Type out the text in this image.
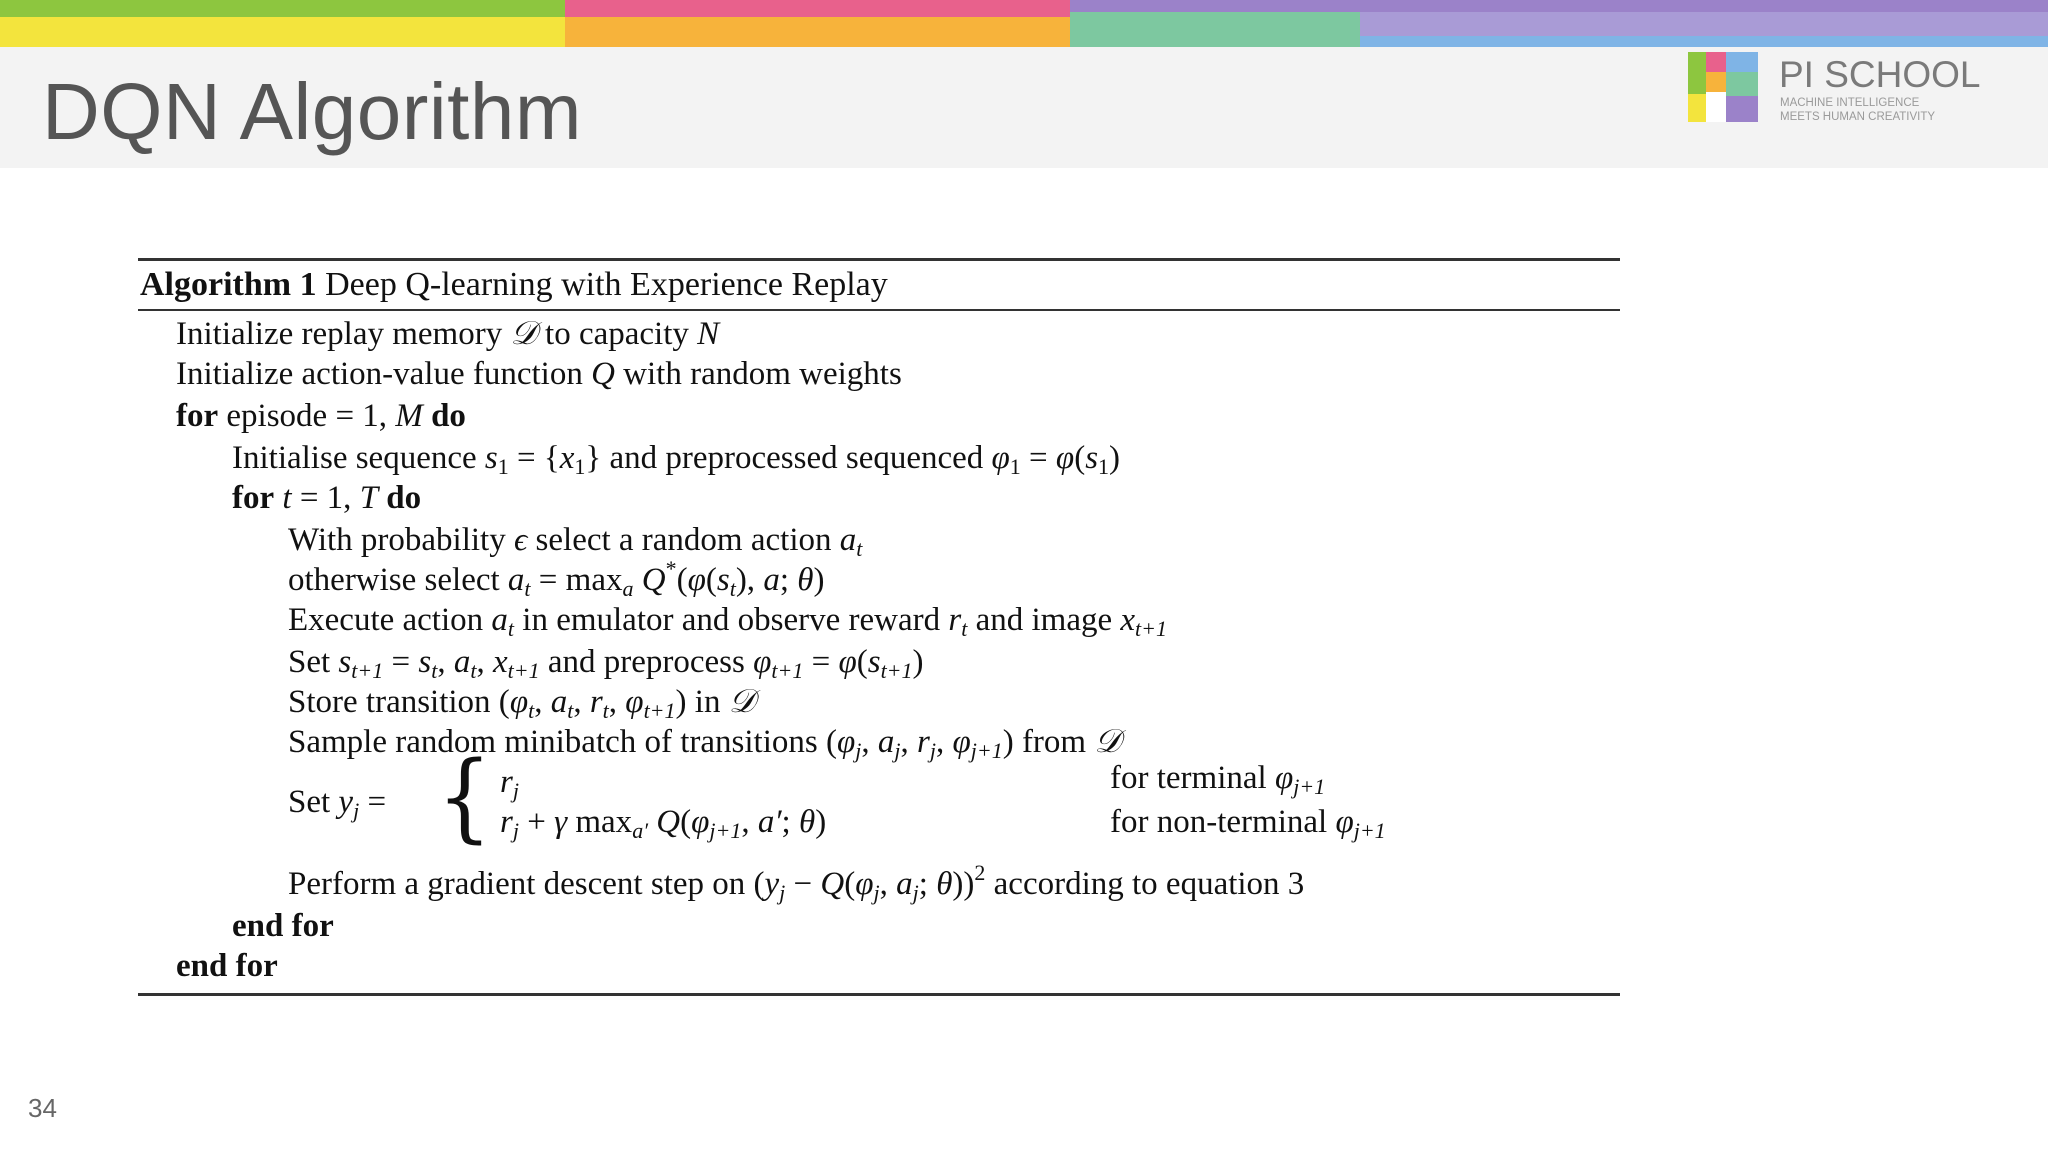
DQN Algorithm	PI SCHOOL
MACHINE INTELLIGENCE
MEETS HUMAN CREATIVITY
Algorithm 1 Deep Q-learning with Experience Replay
Initialize replay memory 𝒟 to capacity N
Initialize action-value function Q with random weights
for episode = 1, M do
Initialise sequence $s_1 = \{x_1\}$ and preprocessed sequenced $\varphi_1 = \varphi(s_1)$
for t = 1, T do
With probability ϵ select a random action $a_t$
otherwise select $a_t = \max_a Q^*(\varphi(s_t)$, a; θ)
Execute action $a_t$ in emulator and observe reward $r_t$ and image $x_{t+1}$
Set $s_{t+1} = s_t$, $a_t$, $x_{t+1}$ and preprocess $\varphi_{t+1} = \varphi(s_{t+1})$
Store transition ($\varphi_t$, $a_t$, $r_t$, $\varphi_{t+1}$) in 𝒟
Sample random minibatch of transitions ($\varphi_j$, $a_j$, $r_j$, $\varphi_{j+1}$) from 𝒟
Set $y_j$ = { $r_j$	for terminal $\varphi_{j+1}$
$r_j + \gamma$ $\max_{a'} Q(\varphi_{j+1}$, a′; θ)	for non-terminal $\varphi_{j+1}$
Perform a gradient descent step on ($y_j - Q(\varphi_j$, $a_j$; θ))$^2$ according to equation 3
end for
end for
34
